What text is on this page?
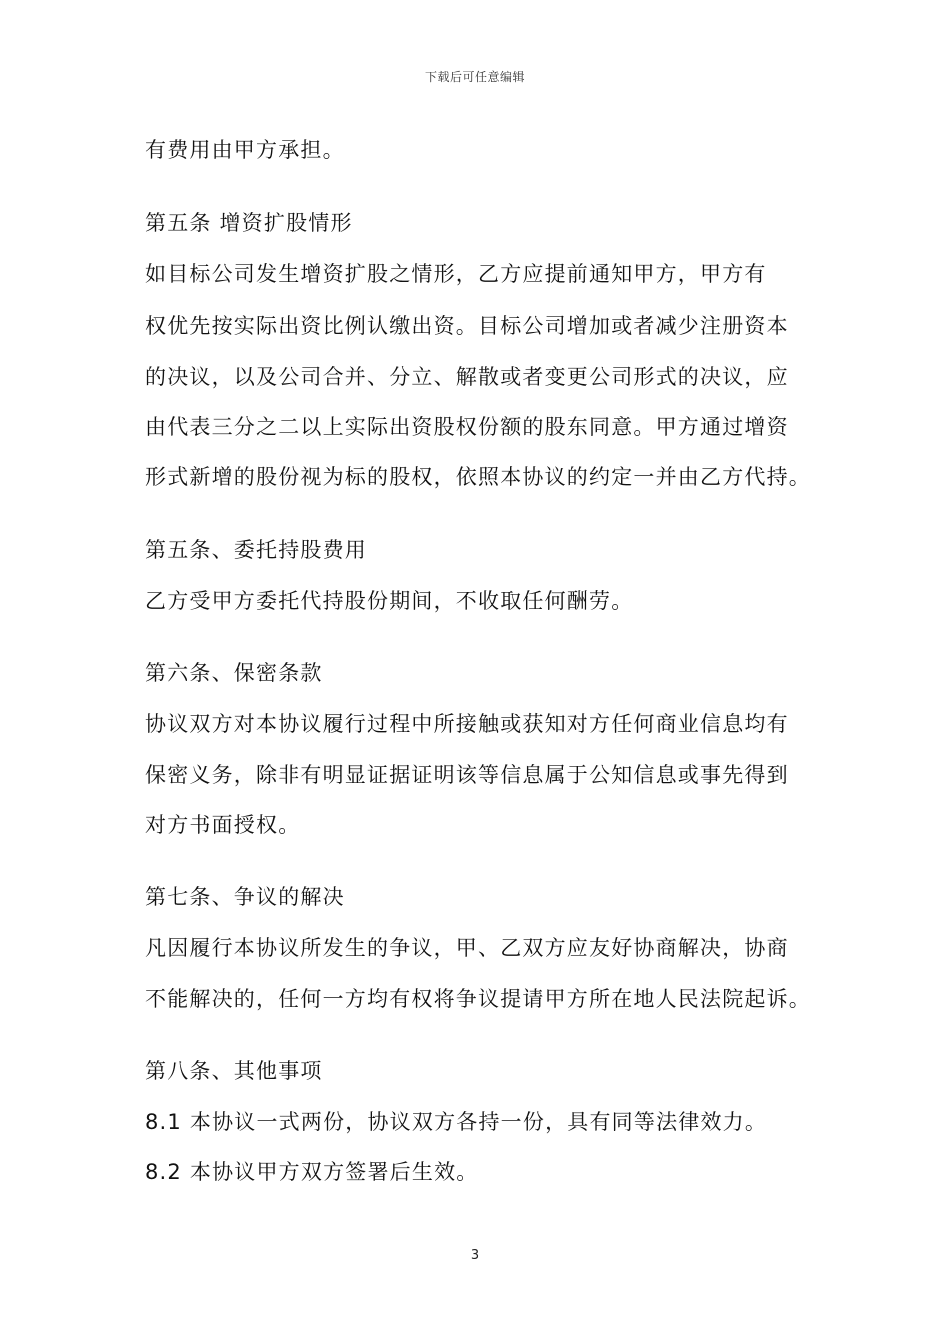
下载后可任意编辑
有费用由甲方承担。
第五条 增资扩股情形
如目标公司发生增资扩股之情形，乙方应提前通知甲方，甲方有
权优先按实际出资比例认缴出资。目标公司增加或者减少注册资本
的决议，以及公司合并、分立、解散或者变更公司形式的决议，应
由代表三分之二以上实际出资股权份额的股东同意。甲方通过增资
形式新增的股份视为标的股权，依照本协议的约定一并由乙方代持。
第五条、委托持股费用
乙方受甲方委托代持股份期间，不收取任何酬劳。
第六条、保密条款
协议双方对本协议履行过程中所接触或获知对方任何商业信息均有
保密义务，除非有明显证据证明该等信息属于公知信息或事先得到
对方书面授权。
第七条、争议的解决
凡因履行本协议所发生的争议，甲、乙双方应友好协商解决，协商
不能解决的，任何一方均有权将争议提请甲方所在地人民法院起诉。
第八条、其他事项
8.1 本协议一式两份，协议双方各持一份，具有同等法律效力。
8.2 本协议甲方双方签署后生效。
3
